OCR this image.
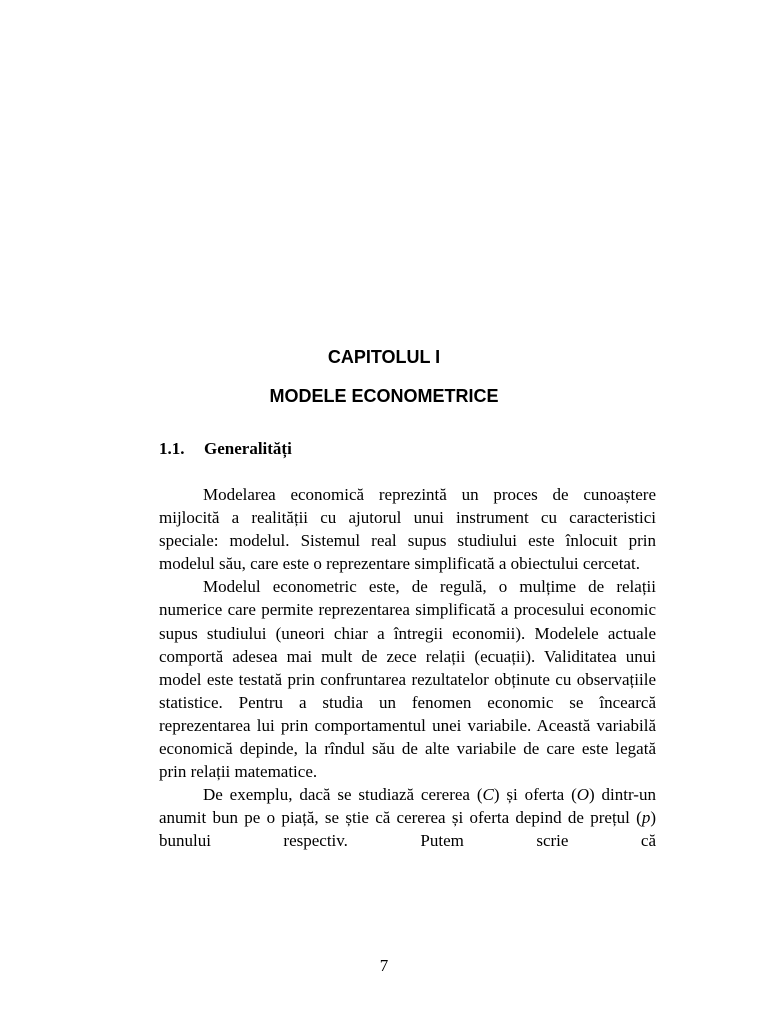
CAPITOLUL I
MODELE ECONOMETRICE
1.1. Generalități

Modelarea economică reprezintă un proces de cunoaștere mijlocită a realității cu ajutorul unui instrument cu caracteristici speciale: modelul. Sistemul real supus studiului este înlocuit prin modelul său, care este o reprezentare simplificată a obiectului cercetat.

Modelul econometric este, de regulă, o mulțime de relații numerice care permite reprezentarea simplificată a procesului economic supus studiului (uneori chiar a întregii economii). Modelele actuale comportă adesea mai mult de zece relații (ecuații). Validitatea unui model este testată prin confruntarea rezultatelor obținute cu observațiile statistice. Pentru a studia un fenomen economic se încearcă reprezentarea lui prin comportamentul unei variabile. Această variabilă economică depinde, la rîndul său de alte variabile de care este legată prin relații matematice.

De exemplu, dacă se studiază cererea (C) și oferta (O) dintr-un anumit bun pe o piață, se știe că cererea și oferta depind de prețul (p) bunului respectiv. Putem scrie că

7
